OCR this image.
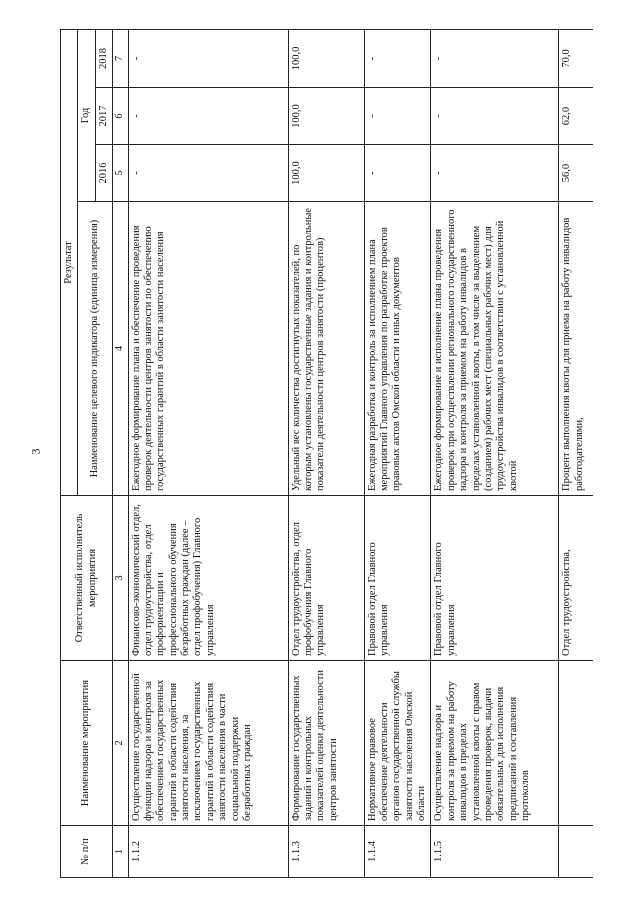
3
№ п/п	Наименование мероприятия	Ответственный исполнитель мероприятия	Результат			
			Наименование целевого индикатора (единица измерения)	Год		
				2016	2017	2018
1	2	3	4	5	6	7
1.1.2	Осуществление государственной функции надзора и контроля за обеспечением государственных гарантий в области содействия занятости населения, за исключением государственных гарантий в области содействия занятости населения в части социальной поддержки безработных граждан	Финансово-экономический отдел, отдел трудоустройства, отдел профориентации и профессионального обучения безработных граждан (далее – отдел профобучения) Главного управления	Ежегодное формирование плана и обеспечение проведения проверок деятельности центров занятости по обеспечению государственных гарантий в области занятости населения	-	-	-
1.1.3	Формирование государственных заданий и контрольных показателей оценки деятельности центров занятости	Отдел трудоустройства, отдел профобучения Главного управления	Удельный вес количества достигнутых показателей, по которым установлены государственные задания и контрольные показатели деятельности центров занятости (процентов)	100,0	100,0	100,0
1.1.4	Нормативное правовое обеспечение деятельности органов государственной службы занятости населения Омской области	Правовой отдел Главного управления	Ежегодная разработка и контроль за исполнением плана мероприятий Главного управления по разработке проектов правовых актов Омской области и иных документов	-	-	-
1.1.5	Осуществление надзора и контроля за приемом на работу инвалидов в пределах установленной квоты с правом проведения проверок, выдачи обязательных для исполнения предписаний и составления протоколов	Правовой отдел Главного управления	Ежегодное формирование и исполнение плана проведения проверок при осуществлении регионального государственного надзора и контроля за приемом на работу инвалидов в пределах установленной квоты, в том числе за выделением (созданием) рабочих мест (специальных рабочих мест) для трудоустройства инвалидов в соответствии с установленной квотой	-	-	-
		Отдел трудоустройства,	Процент выполнения квоты для приема на работу инвалидов работодателями,	56,0	62,0	70,0
